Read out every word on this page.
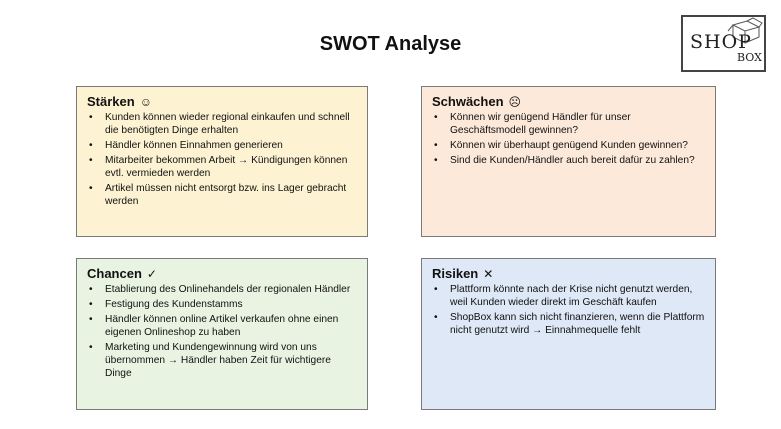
SWOT Analyse	SHOP
BOX
Stärken ☺
• Kunden können wieder regional einkaufen und schnell die benötigten Dinge erhalten
• Händler können Einnahmen generieren
• Mitarbeiter bekommen Arbeit → Kündigungen können evtl. vermieden werden
• Artikel müssen nicht entsorgt bzw. ins Lager gebracht werden
Schwächen ☹
• Können wir genügend Händler für unser Geschäftsmodell gewinnen?
• Können wir überhaupt genügend Kunden gewinnen?
• Sind die Kunden/Händler auch bereit dafür zu zahlen?
Chancen ✓
• Etablierung des Onlinehandels der regionalen Händler
• Festigung des Kundenstamms
• Händler können online Artikel verkaufen ohne einen eigenen Onlineshop zu haben
• Marketing und Kundengewinnung wird von uns übernommen → Händler haben Zeit für wichtigere Dinge
Risiken ✕
• Plattform könnte nach der Krise nicht genutzt werden, weil Kunden wieder direkt im Geschäft kaufen
• ShopBox kann sich nicht finanzieren, wenn die Plattform nicht genutzt wird → Einnahmequelle fehlt
